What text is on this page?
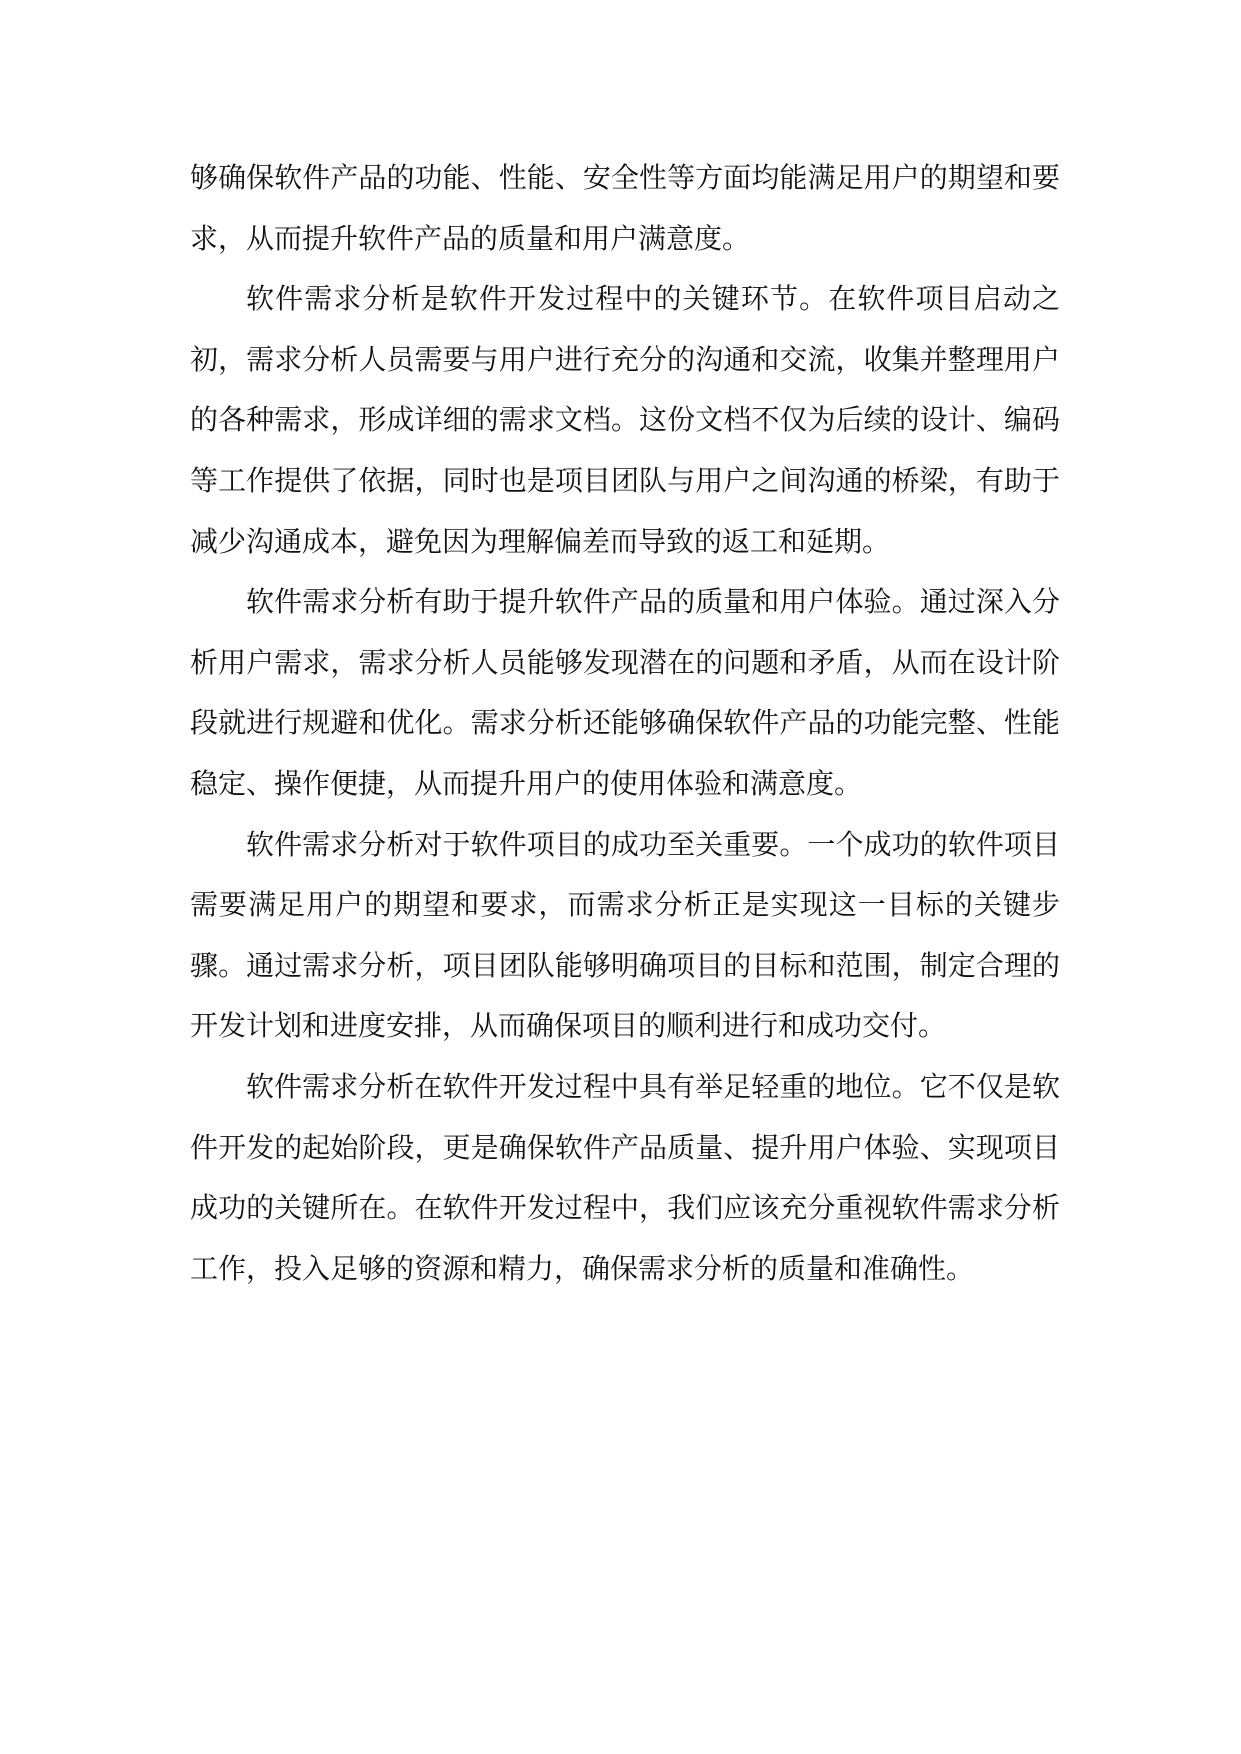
够确保软件产品的功能、性能、安全性等方面均能满足用户的期望和要求，从而提升软件产品的质量和用户满意度。

软件需求分析是软件开发过程中的关键环节。在软件项目启动之初，需求分析人员需要与用户进行充分的沟通和交流，收集并整理用户的各种需求，形成详细的需求文档。这份文档不仅为后续的设计、编码等工作提供了依据，同时也是项目团队与用户之间沟通的桥梁，有助于减少沟通成本，避免因为理解偏差而导致的返工和延期。

软件需求分析有助于提升软件产品的质量和用户体验。通过深入分析用户需求，需求分析人员能够发现潜在的问题和矛盾，从而在设计阶段就进行规避和优化。需求分析还能够确保软件产品的功能完整、性能稳定、操作便捷，从而提升用户的使用体验和满意度。

软件需求分析对于软件项目的成功至关重要。一个成功的软件项目需要满足用户的期望和要求，而需求分析正是实现这一目标的关键步骤。通过需求分析，项目团队能够明确项目的目标和范围，制定合理的开发计划和进度安排，从而确保项目的顺利进行和成功交付。

软件需求分析在软件开发过程中具有举足轻重的地位。它不仅是软件开发的起始阶段，更是确保软件产品质量、提升用户体验、实现项目成功的关键所在。在软件开发过程中，我们应该充分重视软件需求分析工作，投入足够的资源和精力，确保需求分析的质量和准确性。
